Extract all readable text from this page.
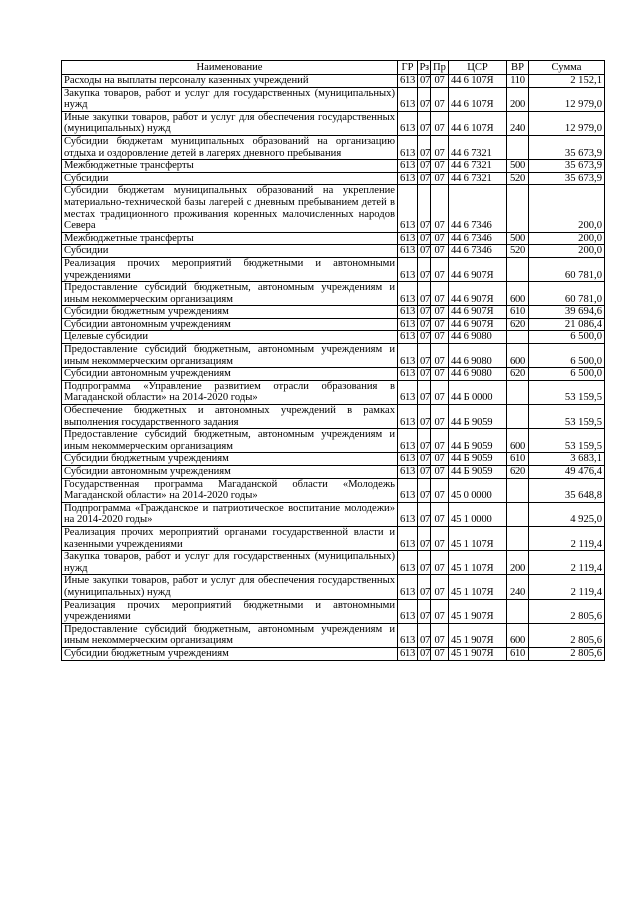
Наименование	ГР	Рз	Пр	ЦСР	ВР	Сумма
Расходы на выплаты персоналу казенных учреждений	613	07	07	44 6 107Я	110	2 152,1
Закупка товаров, работ и услуг для государственных (муниципальных) нужд	613	07	07	44 6 107Я	200	12 979,0
Иные закупки товаров, работ и услуг для обеспечения государственных (муниципальных) нужд	613	07	07	44 6 107Я	240	12 979,0
Субсидии бюджетам муниципальных образований на организацию отдыха и оздоровление детей в лагерях дневного пребывания	613	07	07	44 6 7321		35 673,9
Межбюджетные трансферты	613	07	07	44 6 7321	500	35 673,9
Субсидии	613	07	07	44 6 7321	520	35 673,9
Субсидии бюджетам муниципальных образований на укрепление материально-технической базы лагерей с дневным пребыванием детей в местах традиционного проживания коренных малочисленных народов Севера	613	07	07	44 6 7346		200,0
Межбюджетные трансферты	613	07	07	44 6 7346	500	200,0
Субсидии	613	07	07	44 6 7346	520	200,0
Реализация прочих мероприятий бюджетными и автономными учреждениями	613	07	07	44 6 907Я		60 781,0
Предоставление субсидий бюджетным, автономным учреждениям и иным некоммерческим организациям	613	07	07	44 6 907Я	600	60 781,0
Субсидии бюджетным учреждениям	613	07	07	44 6 907Я	610	39 694,6
Субсидии автономным учреждениям	613	07	07	44 6 907Я	620	21 086,4
Целевые субсидии	613	07	07	44 6 9080		6 500,0
Предоставление субсидий бюджетным, автономным учреждениям и иным некоммерческим организациям	613	07	07	44 6 9080	600	6 500,0
Субсидии автономным учреждениям	613	07	07	44 6 9080	620	6 500,0
Подпрограмма «Управление развитием отрасли образования в Магаданской области» на 2014-2020 годы»	613	07	07	44 Б 0000		53 159,5
Обеспечение бюджетных и автономных учреждений в рамках выполнения государственного задания	613	07	07	44 Б 9059		53 159,5
Предоставление субсидий бюджетным, автономным учреждениям и иным некоммерческим организациям	613	07	07	44 Б 9059	600	53 159,5
Субсидии бюджетным учреждениям	613	07	07	44 Б 9059	610	3 683,1
Субсидии автономным учреждениям	613	07	07	44 Б 9059	620	49 476,4
Государственная программа Магаданской области «Молодежь Магаданской области» на 2014-2020 годы»	613	07	07	45 0 0000		35 648,8
Подпрограмма «Гражданское и патриотическое воспитание молодежи» на 2014-2020 годы»	613	07	07	45 1 0000		4 925,0
Реализация прочих мероприятий органами государственной власти и казенными учреждениями	613	07	07	45 1 107Я		2 119,4
Закупка товаров, работ и услуг для государственных (муниципальных) нужд	613	07	07	45 1 107Я	200	2 119,4
Иные закупки товаров, работ и услуг для обеспечения государственных (муниципальных) нужд	613	07	07	45 1 107Я	240	2 119,4
Реализация прочих мероприятий бюджетными и автономными учреждениями	613	07	07	45 1 907Я		2 805,6
Предоставление субсидий бюджетным, автономным учреждениям и иным некоммерческим организациям	613	07	07	45 1 907Я	600	2 805,6
Субсидии бюджетным учреждениям	613	07	07	45 1 907Я	610	2 805,6
